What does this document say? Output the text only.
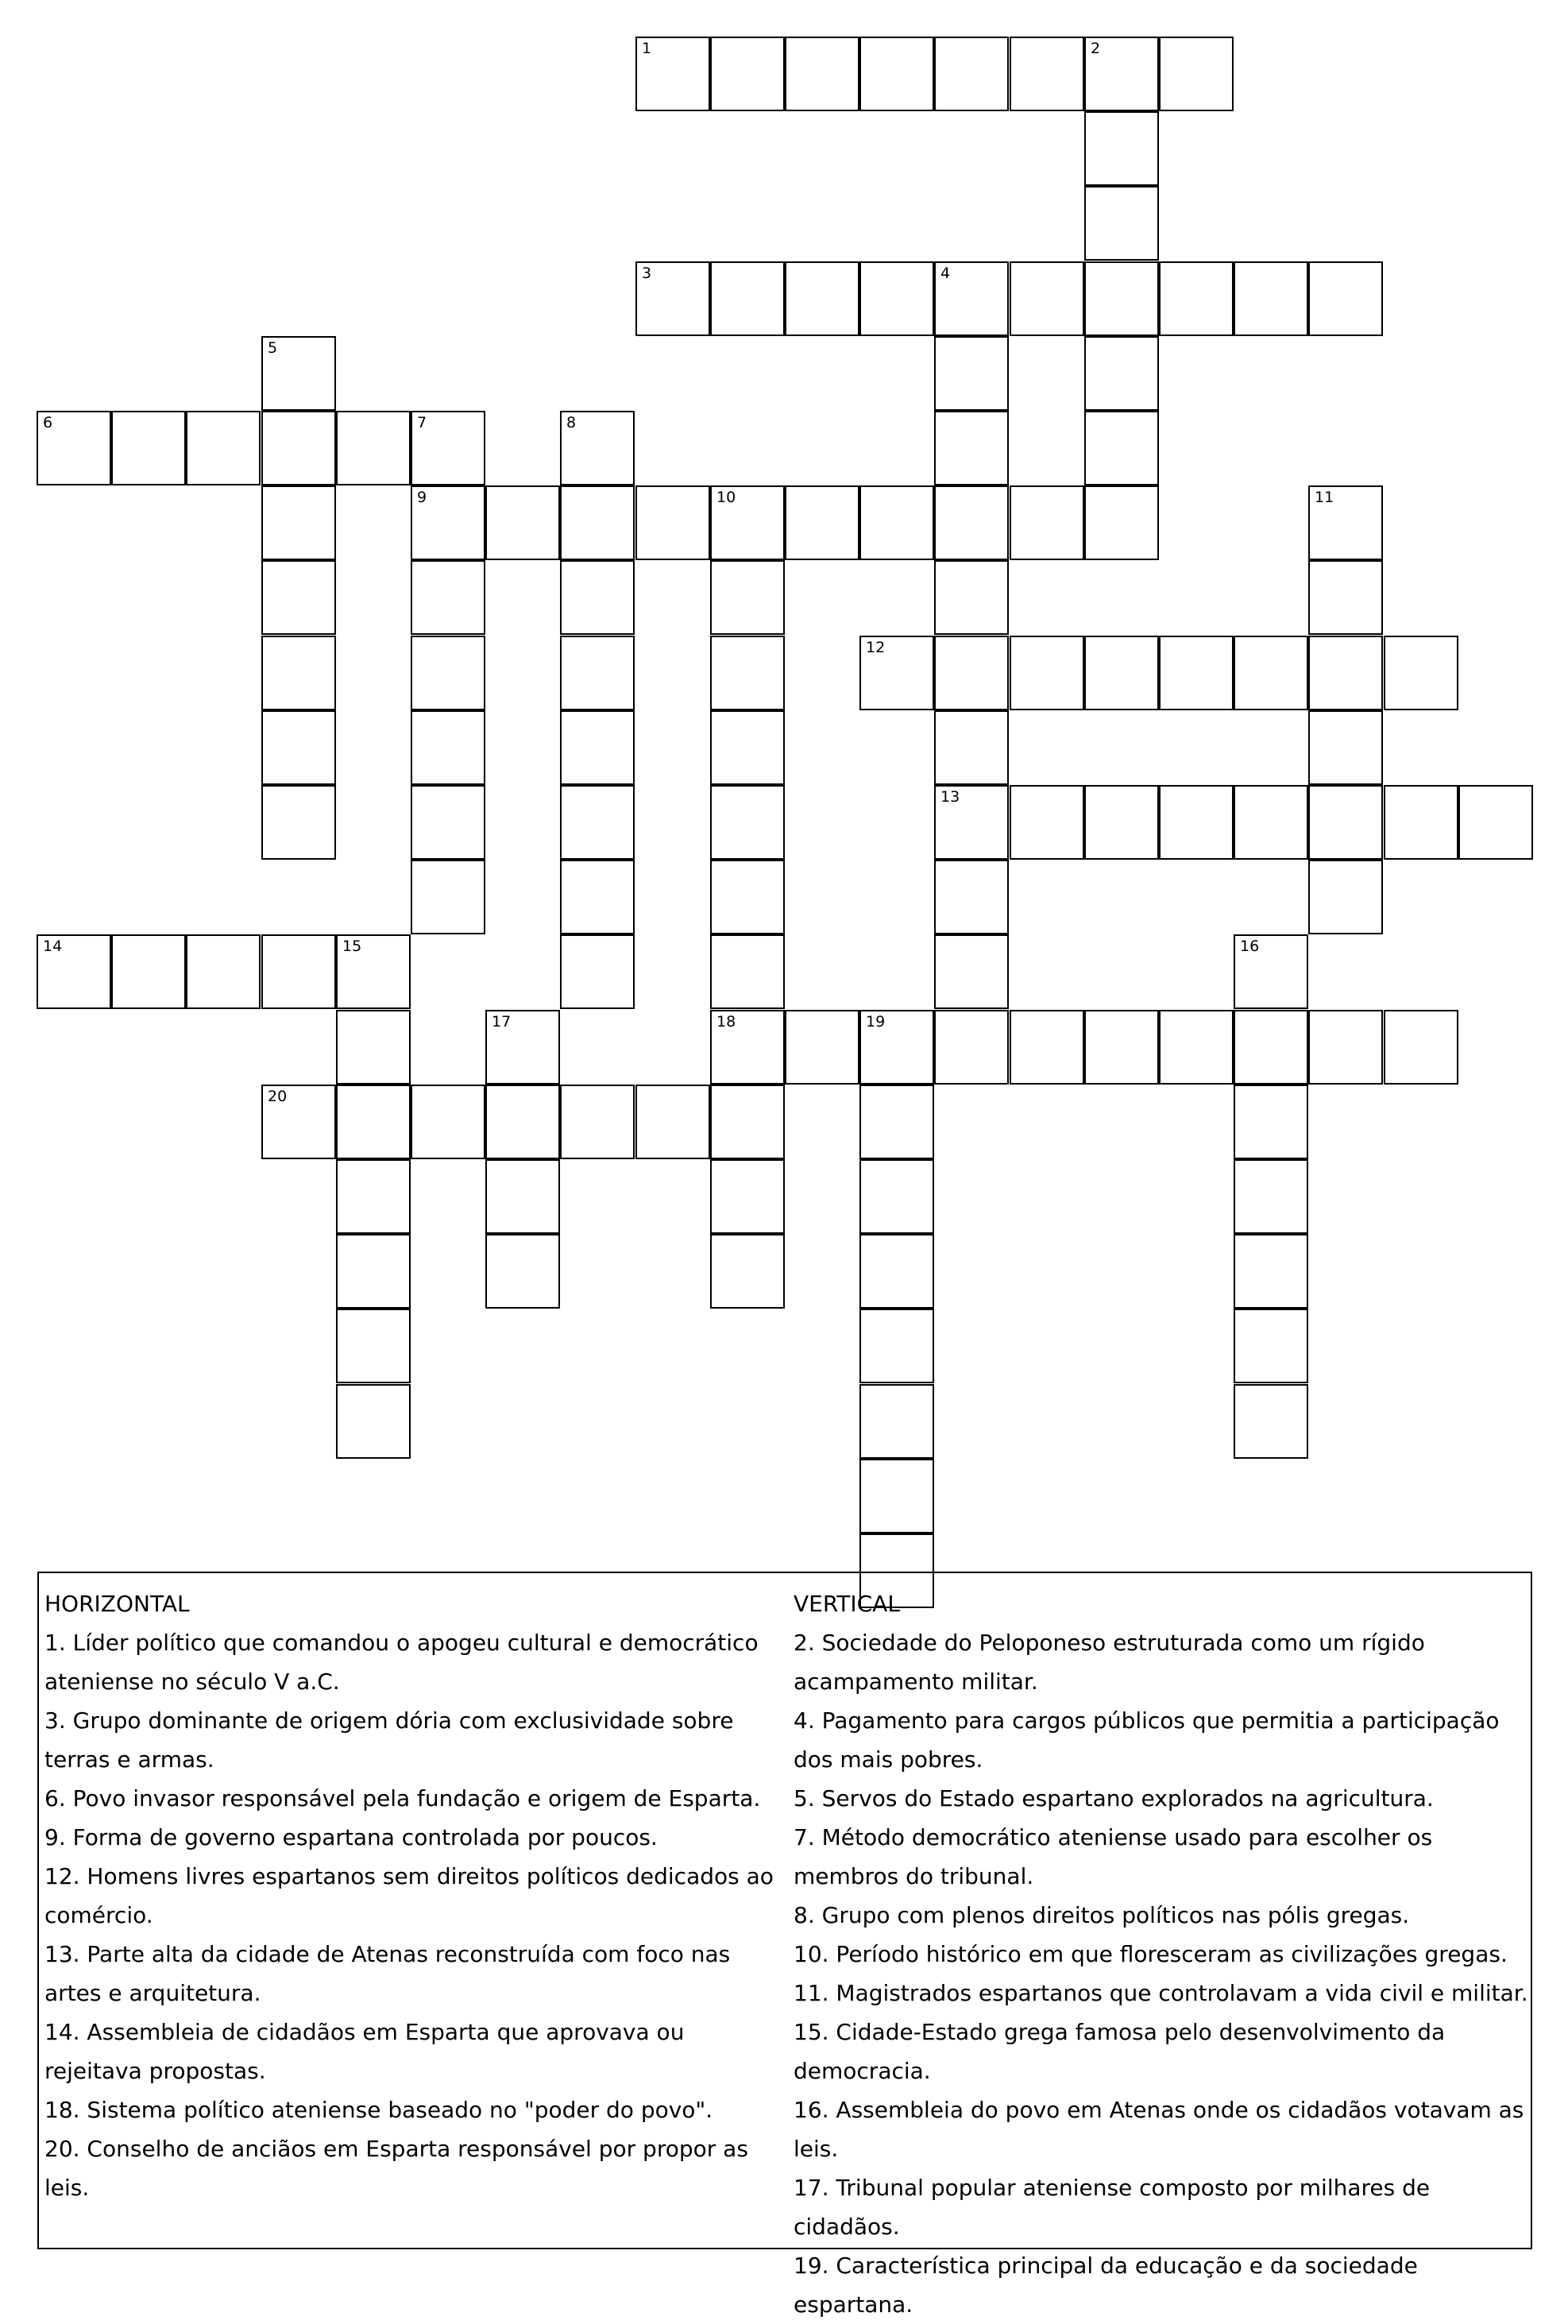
1	2
3	4
13
5
6	7
9
8
10
18
11
12
14	15	16
17	19
20
HORIZONTAL
1. Líder político que comandou o apogeu cultural e democrático ateniense no século V a.C.
3. Grupo dominante de origem dória com exclusividade sobre terras e armas.
6. Povo invasor responsável pela fundação e origem de Esparta.
9. Forma de governo espartana controlada por poucos.
12. Homens livres espartanos sem direitos políticos dedicados ao comércio.
13. Parte alta da cidade de Atenas reconstruída com foco nas artes e arquitetura.
14. Assembleia de cidadãos em Esparta que aprovava ou rejeitava propostas.
18. Sistema político ateniense baseado no "poder do povo".
20. Conselho de anciãos em Esparta responsável por propor as leis.
VERTICAL
2. Sociedade do Peloponeso estruturada como um rígido acampamento militar.
4. Pagamento para cargos públicos que permitia a participação dos mais pobres.
5. Servos do Estado espartano explorados na agricultura.
7. Método democrático ateniense usado para escolher os membros do tribunal.
8. Grupo com plenos direitos políticos nas pólis gregas.
10. Período histórico em que floresceram as civilizações gregas.
11. Magistrados espartanos que controlavam a vida civil e militar.
15. Cidade-Estado grega famosa pelo desenvolvimento da democracia.
16. Assembleia do povo em Atenas onde os cidadãos votavam as leis.
17. Tribunal popular ateniense composto por milhares de cidadãos.
19. Característica principal da educação e da sociedade espartana.
